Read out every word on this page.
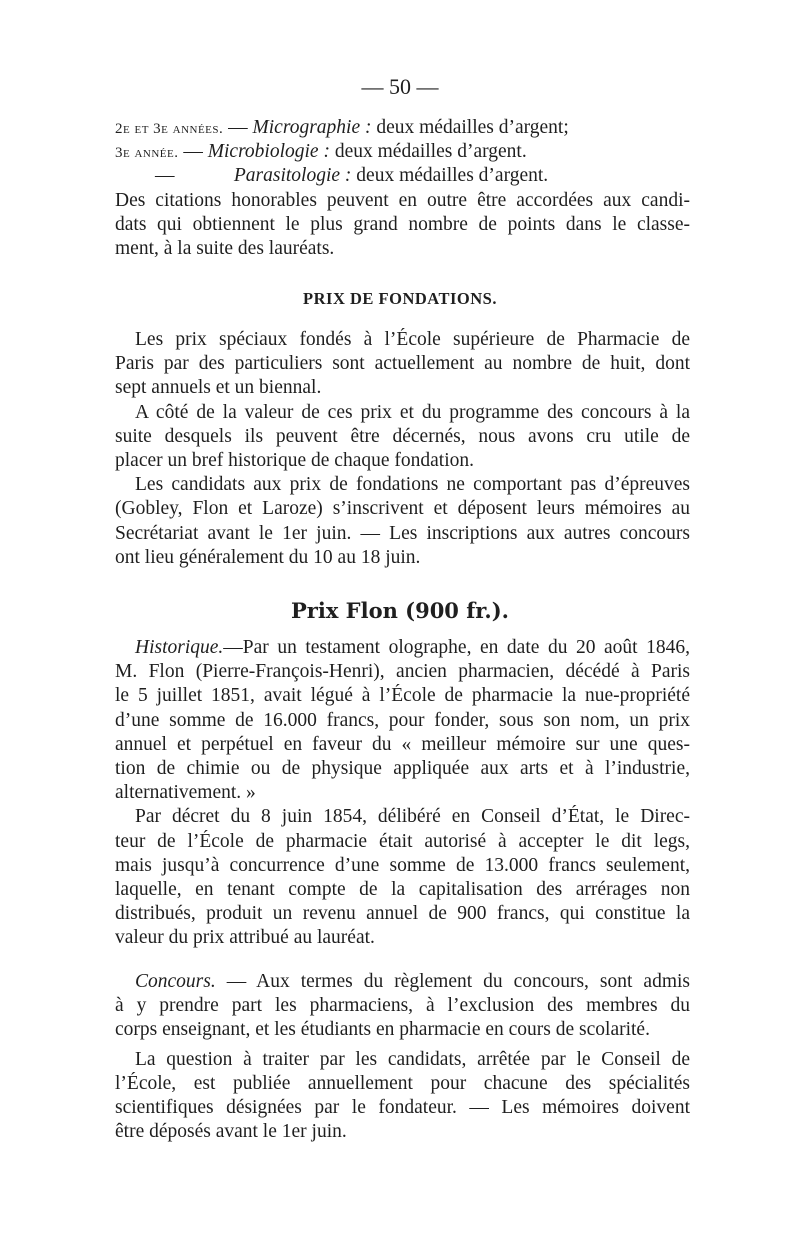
— 50 —
2e et 3e années. — Micrographie : deux médailles d’argent;
3e année. — Microbiologie : deux médailles d’argent.
—	Parasitologie : deux médailles d’argent.
Des citations honorables peuvent en outre être accordées aux candi-
dats qui obtiennent le plus grand nombre de points dans le classe-
ment, à la suite des lauréats.
PRIX DE FONDATIONS.
Les prix spéciaux fondés à l’École supérieure de Pharmacie de
Paris par des particuliers sont actuellement au nombre de huit, dont
sept annuels et un biennal.
A côté de la valeur de ces prix et du programme des concours à la
suite desquels ils peuvent être décernés, nous avons cru utile de
placer un bref historique de chaque fondation.
Les candidats aux prix de fondations ne comportant pas d’épreuves
(Gobley, Flon et Laroze) s’inscrivent et déposent leurs mémoires au
Secrétariat avant le 1er juin. — Les inscriptions aux autres concours
ont lieu généralement du 10 au 18 juin.
Prix Flon (900 fr.).
Historique.—Par un testament olographe, en date du 20 août 1846,
M. Flon (Pierre-François-Henri), ancien pharmacien, décédé à Paris
le 5 juillet 1851, avait légué à l’École de pharmacie la nue-propriété
d’une somme de 16.000 francs, pour fonder, sous son nom, un prix
annuel et perpétuel en faveur du « meilleur mémoire sur une ques-
tion de chimie ou de physique appliquée aux arts et à l’industrie,
alternativement. »
Par décret du 8 juin 1854, délibéré en Conseil d’État, le Direc-
teur de l’École de pharmacie était autorisé à accepter le dit legs,
mais jusqu’à concurrence d’une somme de 13.000 francs seulement,
laquelle, en tenant compte de la capitalisation des arrérages non
distribués, produit un revenu annuel de 900 francs, qui constitue la
valeur du prix attribué au lauréat.
Concours. — Aux termes du règlement du concours, sont admis
à y prendre part les pharmaciens, à l’exclusion des membres du
corps enseignant, et les étudiants en pharmacie en cours de scolarité.
La question à traiter par les candidats, arrêtée par le Conseil de
l’École, est publiée annuellement pour chacune des spécialités
scientifiques désignées par le fondateur. — Les mémoires doivent
être déposés avant le 1er juin.
